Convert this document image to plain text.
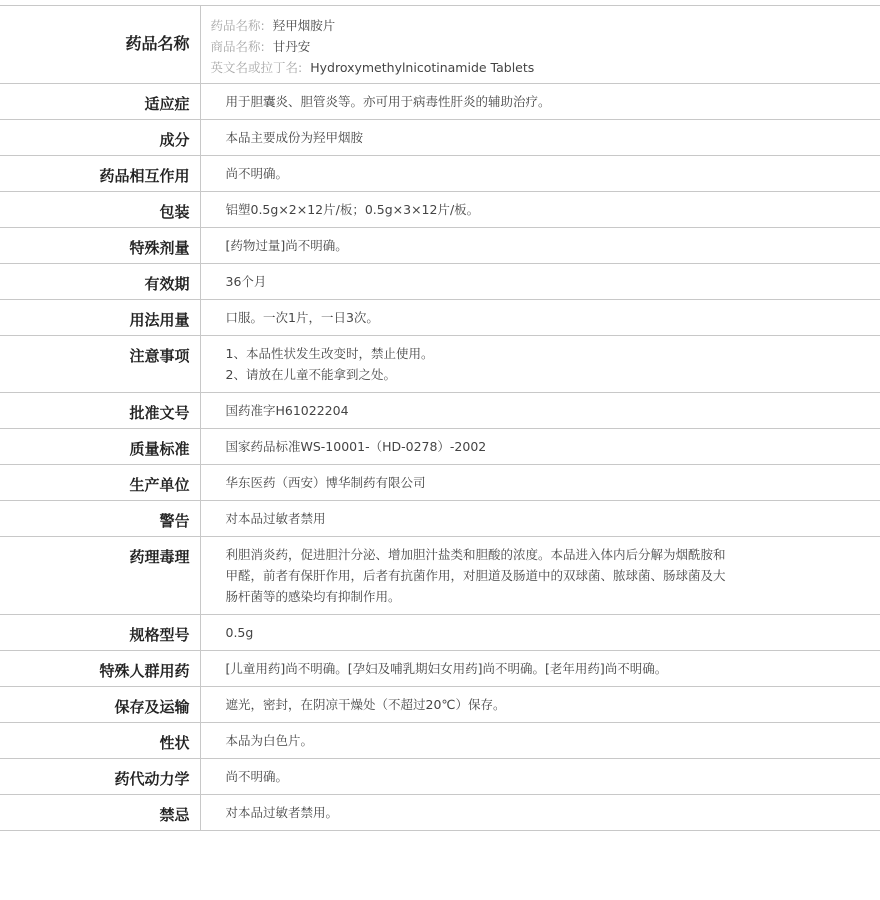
药品名称	药品名称: 羟甲烟胺片
商品名称: 甘丹安
英文名或拉丁名: Hydroxymethylnicotinamide Tablets

适应症	用于胆囊炎、胆管炎等。亦可用于病毒性肝炎的辅助治疗。

成分	本品主要成份为羟甲烟胺

药品相互作用	尚不明确。

包装	铝塑0.5g×2×12片/板；0.5g×3×12片/板。

特殊剂量	[药物过量]尚不明确。

有效期	36个月

用法用量	口服。一次1片，一日3次。

注意事项	1、本品性状发生改变时，禁止使用。
2、请放在儿童不能拿到之处。

批准文号	国药准字H61022204

质量标准	国家药品标准WS-10001-（HD-0278）-2002

生产单位	华东医药（西安）博华制药有限公司

警告	对本品过敏者禁用

药理毒理	利胆消炎药，促进胆汁分泌、增加胆汁盐类和胆酸的浓度。本品进入体内后分解为烟酰胺和
甲醛，前者有保肝作用，后者有抗菌作用，对胆道及肠道中的双球菌、脓球菌、肠球菌及大
肠杆菌等的感染均有抑制作用。

规格型号	0.5g

特殊人群用药	[儿童用药]尚不明确。[孕妇及哺乳期妇女用药]尚不明确。[老年用药]尚不明确。

保存及运输	遮光，密封，在阴凉干燥处（不超过20℃）保存。

性状	本品为白色片。

药代动力学	尚不明确。

禁忌	对本品过敏者禁用。
